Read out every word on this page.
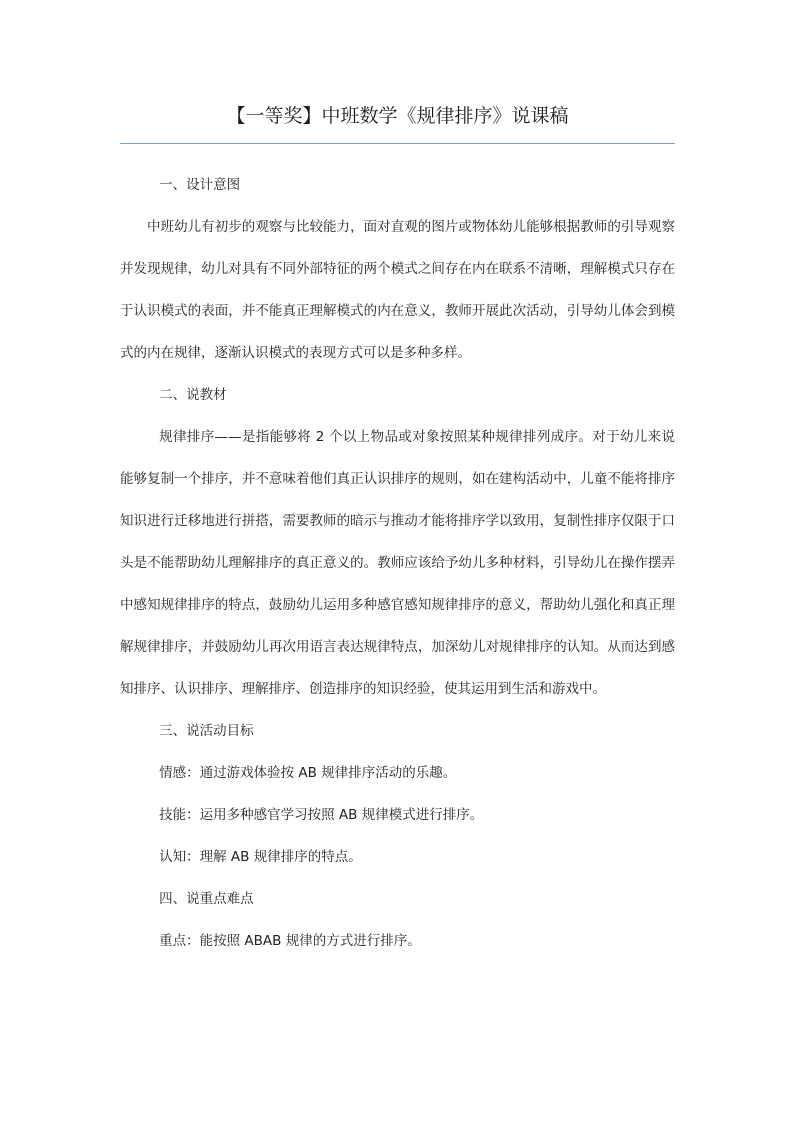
【一等奖】中班数学《规律排序》说课稿

一、设计意图

中班幼儿有初步的观察与比较能力，面对直观的图片或物体幼儿能够根据教师的引导观察并发现规律，幼儿对具有不同外部特征的两个模式之间存在内在联系不清晰，理解模式只存在于认识模式的表面，并不能真正理解模式的内在意义，教师开展此次活动，引导幼儿体会到模式的内在规律，逐渐认识模式的表现方式可以是多种多样。

二、说教材

规律排序——是指能够将 2 个以上物品或对象按照某种规律排列成序。对于幼儿来说能够复制一个排序，并不意味着他们真正认识排序的规则，如在建构活动中，儿童不能将排序知识进行迁移地进行拼搭，需要教师的暗示与推动才能将排序学以致用，复制性排序仅限于口头是不能帮助幼儿理解排序的真正意义的。教师应该给予幼儿多种材料，引导幼儿在操作摆弄中感知规律排序的特点，鼓励幼儿运用多种感官感知规律排序的意义，帮助幼儿强化和真正理解规律排序，并鼓励幼儿再次用语言表达规律特点，加深幼儿对规律排序的认知。从而达到感知排序、认识排序、理解排序、创造排序的知识经验，使其运用到生活和游戏中。

三、说活动目标

情感：通过游戏体验按 AB 规律排序活动的乐趣。

技能：运用多种感官学习按照 AB 规律模式进行排序。

认知：理解 AB 规律排序的特点。

四、说重点难点

重点：能按照 ABAB 规律的方式进行排序。
